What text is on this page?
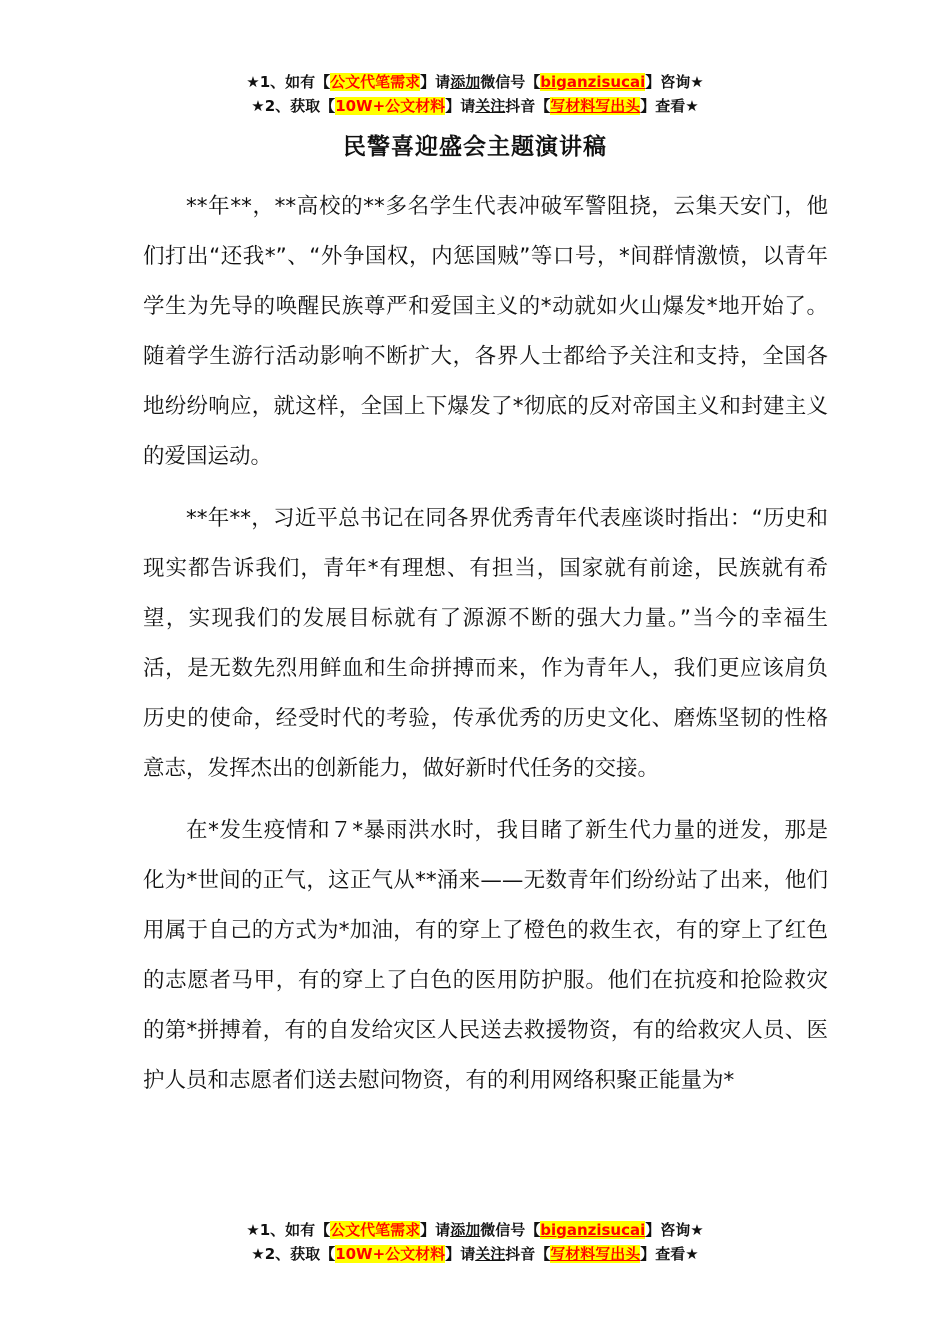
★1、如有【公文代笔需求】请添加微信号【biganzisucai】咨询★
★2、获取【10W+公文材料】请关注抖音【写材料写出头】查看★
民警喜迎盛会主题演讲稿

**年**，**高校的**多名学生代表冲破军警阻挠，云集天安门，他们打出“还我*”、“外争国权，内惩国贼”等口号，*间群情激愤，以青年学生为先导的唤醒民族尊严和爱国主义的*动就如火山爆发*地开始了。随着学生游行活动影响不断扩大，各界人士都给予关注和支持，全国各地纷纷响应，就这样，全国上下爆发了*彻底的反对帝国主义和封建主义的爱国运动。

**年**，习近平总书记在同各界优秀青年代表座谈时指出：“历史和现实都告诉我们，青年*有理想、有担当，国家就有前途，民族就有希望，实现我们的发展目标就有了源源不断的强大力量。”当今的幸福生活，是无数先烈用鲜血和生命拼搏而来，作为青年人，我们更应该肩负历史的使命，经受时代的考验，传承优秀的历史文化、磨炼坚韧的性格意志，发挥杰出的创新能力，做好新时代任务的交接。

在*发生疫情和７*暴雨洪水时，我目睹了新生代力量的迸发，那是化为*世间的正气，这正气从**涌来——无数青年们纷纷站了出来，他们用属于自己的方式为*加油，有的穿上了橙色的救生衣，有的穿上了红色的志愿者马甲，有的穿上了白色的医用防护服。他们在抗疫和抢险救灾的第*拼搏着，有的自发给灾区人民送去救援物资，有的给救灾人员、医护人员和志愿者们送去慰问物资，有的利用网络积聚正能量为*

★1、如有【公文代笔需求】请添加微信号【biganzisucai】咨询★
★2、获取【10W+公文材料】请关注抖音【写材料写出头】查看★
